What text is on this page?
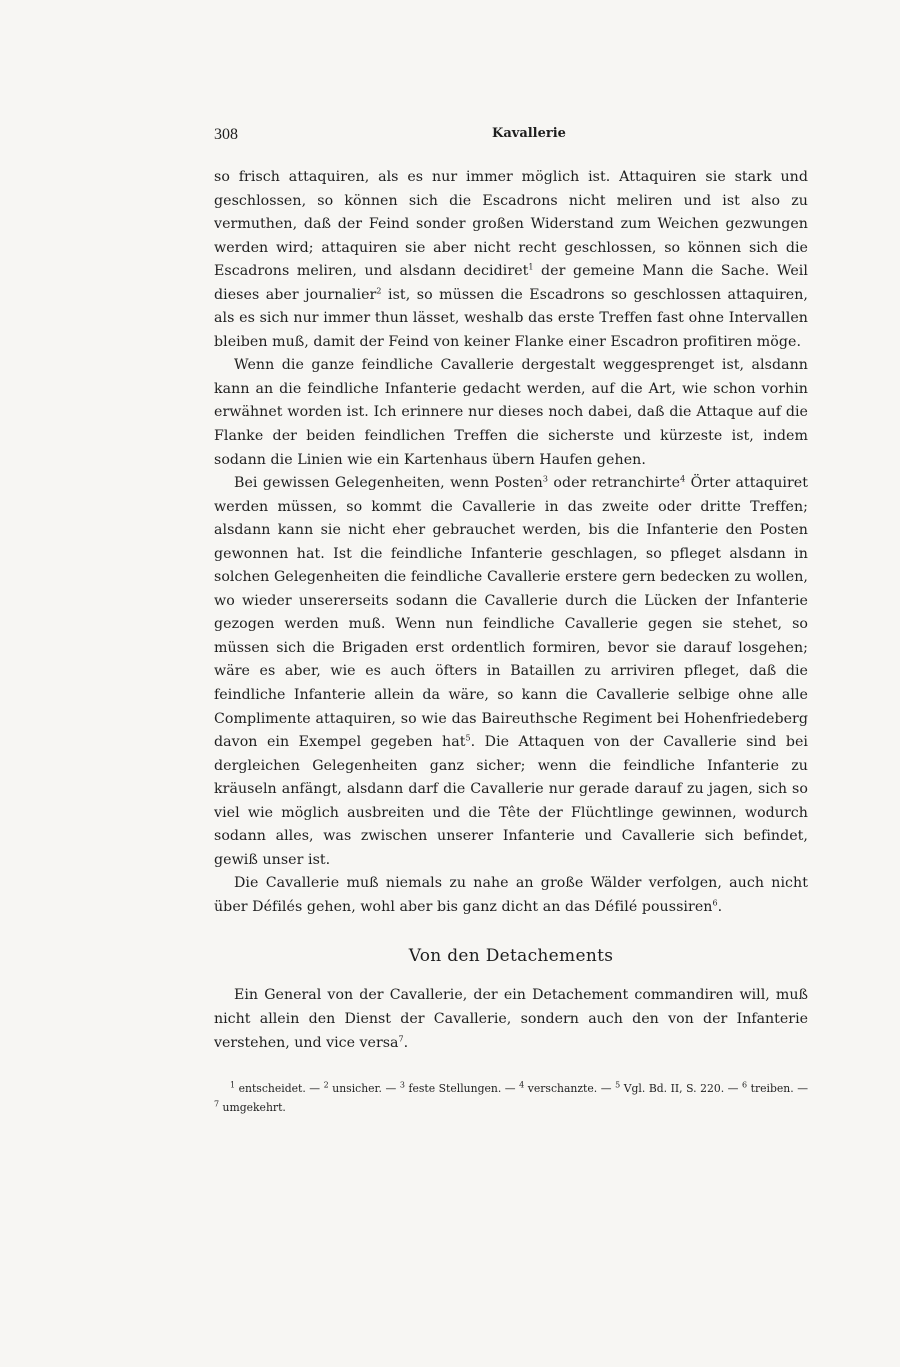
308	Kavallerie

so frisch attaquiren, als es nur immer möglich ist. Attaquiren sie stark und geschlossen, so können sich die Escadrons nicht meliren und ist also zu vermuthen, daß der Feind sonder großen Widerstand zum Weichen gezwungen werden wird; attaquiren sie aber nicht recht geschlossen, so können sich die Escadrons meliren, und alsdann decidiret$^1$ der gemeine Mann die Sache. Weil dieses aber journalier$^2$ ist, so müssen die Escadrons so geschlossen attaquiren, als es sich nur immer thun lässet, weshalb das erste Treffen fast ohne Intervallen bleiben muß, damit der Feind von keiner Flanke einer Escadron profitiren möge.

Wenn die ganze feindliche Cavallerie dergestalt weggesprenget ist, alsdann kann an die feindliche Infanterie gedacht werden, auf die Art, wie schon vorhin erwähnet worden ist. Ich erinnere nur dieses noch dabei, daß die Attaque auf die Flanke der beiden feindlichen Treffen die sicherste und kürzeste ist, indem sodann die Linien wie ein Kartenhaus übern Haufen gehen.

Bei gewissen Gelegenheiten, wenn Posten$^3$ oder retranchirte$^4$ Örter attaquiret werden müssen, so kommt die Cavallerie in das zweite oder dritte Treffen; alsdann kann sie nicht eher gebrauchet werden, bis die Infanterie den Posten gewonnen hat. Ist die feindliche Infanterie geschlagen, so pfleget alsdann in solchen Gelegenheiten die feindliche Cavallerie erstere gern bedecken zu wollen, wo wieder unsererseits sodann die Cavallerie durch die Lücken der Infanterie gezogen werden muß. Wenn nun feindliche Cavallerie gegen sie stehet, so müssen sich die Brigaden erst ordentlich formiren, bevor sie darauf losgehen; wäre es aber, wie es auch öfters in Bataillen zu arriviren pfleget, daß die feindliche Infanterie allein da wäre, so kann die Cavallerie selbige ohne alle Complimente attaquiren, so wie das Baireuthsche Regiment bei Hohenfriedeberg davon ein Exempel gegeben hat$^5$. Die Attaquen von der Cavallerie sind bei dergleichen Gelegenheiten ganz sicher; wenn die feindliche Infanterie zu kräuseln anfängt, alsdann darf die Cavallerie nur gerade darauf zu jagen, sich so viel wie möglich ausbreiten und die Tête der Flüchtlinge gewinnen, wodurch sodann alles, was zwischen unserer Infanterie und Cavallerie sich befindet, gewiß unser ist.

Die Cavallerie muß niemals zu nahe an große Wälder verfolgen, auch nicht über Défilés gehen, wohl aber bis ganz dicht an das Défilé poussiren$^6$.

Von den Detachements

Ein General von der Cavallerie, der ein Detachement commandiren will, muß nicht allein den Dienst der Cavallerie, sondern auch den von der Infanterie verstehen, und vice versa$^7$.

$^1$ entscheidet. — $^2$ unsicher. — $^3$ feste Stellungen. — $^4$ verschanzte. — $^5$ Vgl. Bd. II, S. 220. — $^6$ treiben. — $^7$ umgekehrt.
